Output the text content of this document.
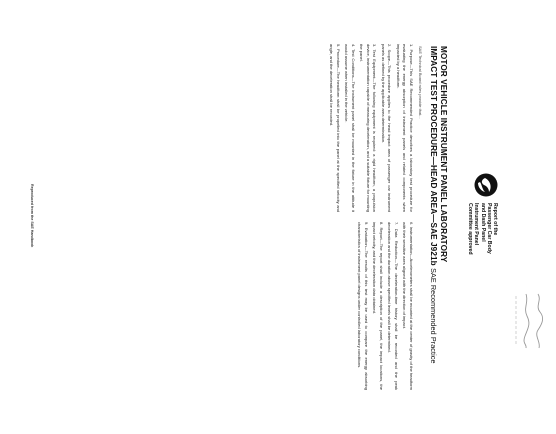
Report of the
Passenger Car Body
and Dash Panel
Instrument Panel
Committee approved
MOTOR VEHICLE INSTRUMENT PANEL LABORATORY
IMPACT TEST PROCEDURE—HEAD AREA—SAE J921b SAE Recommended Practice
SAE Technical Board rules provide that...

1. Purpose—This SAE Recommended Practice describes a laboratory test procedure for evaluating the energy absorption of instrument panels and related components when impacted by a headform.

2. Scope—This procedure applies to the head impact area of passenger car instrument panels as defined by the applicable area determination.

3. Test Equipment—The following equipment is required: a rigid headform, a propulsion device, instrumentation capable of measuring deceleration, and a suitable fixture for mounting the panel.

4. Test Conditions—The instrument panel shall be mounted in the fixture in the attitude it would assume when installed in the vehicle.

5. Procedure—The headform shall be propelled into the panel at the specified velocity and angle, and the deceleration shall be recorded.

6. Instrumentation—Accelerometers shall be mounted at the center of gravity of the headform with their sensitive axes aligned with the direction of impact.

7. Data Reduction—The deceleration-time history shall be recorded and the peak deceleration and the duration above specified levels shall be determined.

8. Report—The report shall include a description of the panel, the impact locations, the impact velocity, and the deceleration data obtained.

9. Evaluation—The results of this test may be used to compare the energy absorbing characteristics of instrument panel designs under controlled laboratory conditions.

Reproduced from the SAE Handbook
